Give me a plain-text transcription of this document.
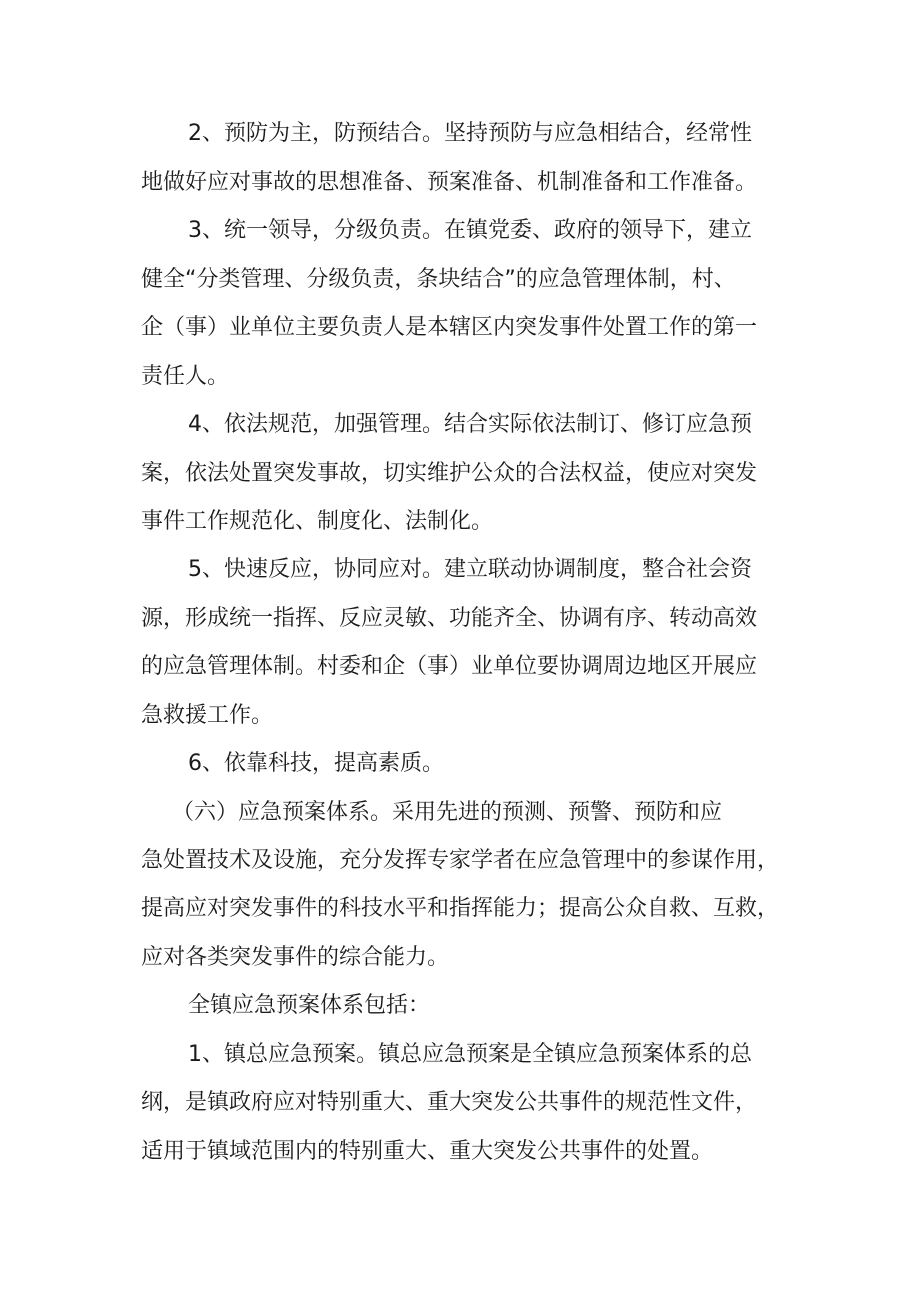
2、预防为主，防预结合。坚持预防与应急相结合，经常性
地做好应对事故的思想准备、预案准备、机制准备和工作准备。
3、统一领导，分级负责。在镇党委、政府的领导下，建立
健全“分类管理、分级负责，条块结合”的应急管理体制，村、
企（事）业单位主要负责人是本辖区内突发事件处置工作的第一
责任人。
4、依法规范，加强管理。结合实际依法制订、修订应急预
案，依法处置突发事故，切实维护公众的合法权益，使应对突发
事件工作规范化、制度化、法制化。
5、快速反应，协同应对。建立联动协调制度，整合社会资
源，形成统一指挥、反应灵敏、功能齐全、协调有序、转动高效
的应急管理体制。村委和企（事）业单位要协调周边地区开展应
急救援工作。
6、依靠科技，提高素质。
（六）应急预案体系。采用先进的预测、预警、预防和应
急处置技术及设施，充分发挥专家学者在应急管理中的参谋作用，
提高应对突发事件的科技水平和指挥能力；提高公众自救、互救，
应对各类突发事件的综合能力。
全镇应急预案体系包括：
1、镇总应急预案。镇总应急预案是全镇应急预案体系的总
纲，是镇政府应对特别重大、重大突发公共事件的规范性文件，
适用于镇域范围内的特别重大、重大突发公共事件的处置。
